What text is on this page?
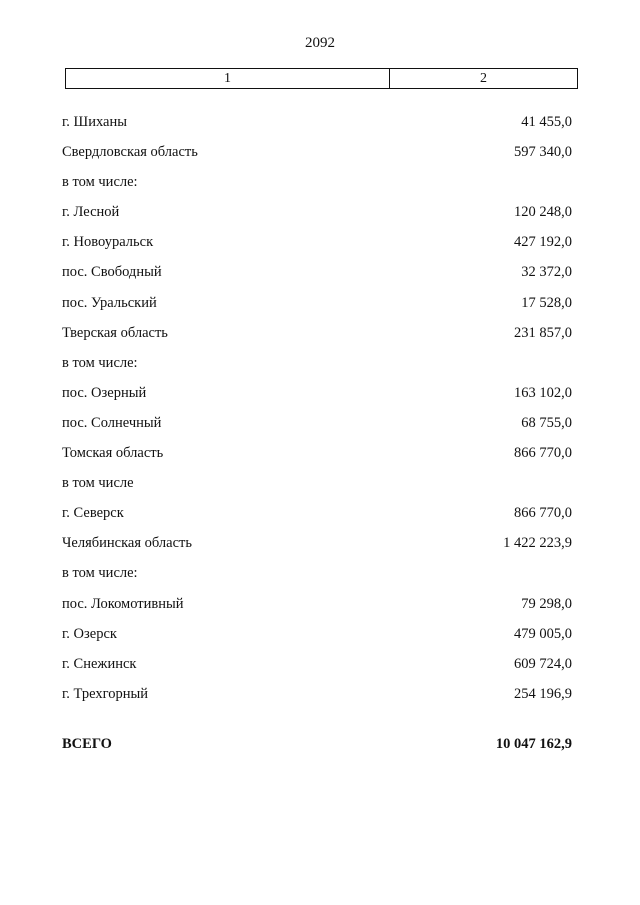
2092
1	2
г. Шиханы	41 455,0
Свердловская область	597 340,0
в том числе:
г. Лесной	120 248,0
г. Новоуральск	427 192,0
пос. Свободный	32 372,0
пос. Уральский	17 528,0
Тверская область	231 857,0
в том числе:
пос. Озерный	163 102,0
пос. Солнечный	68 755,0
Томская область	866 770,0
в том числе
г. Северск	866 770,0
Челябинская область	1 422 223,9
в том числе:
пос. Локомотивный	79 298,0
г. Озерск	479 005,0
г. Снежинск	609 724,0
г. Трехгорный	254 196,9
ВСЕГО	10 047 162,9
